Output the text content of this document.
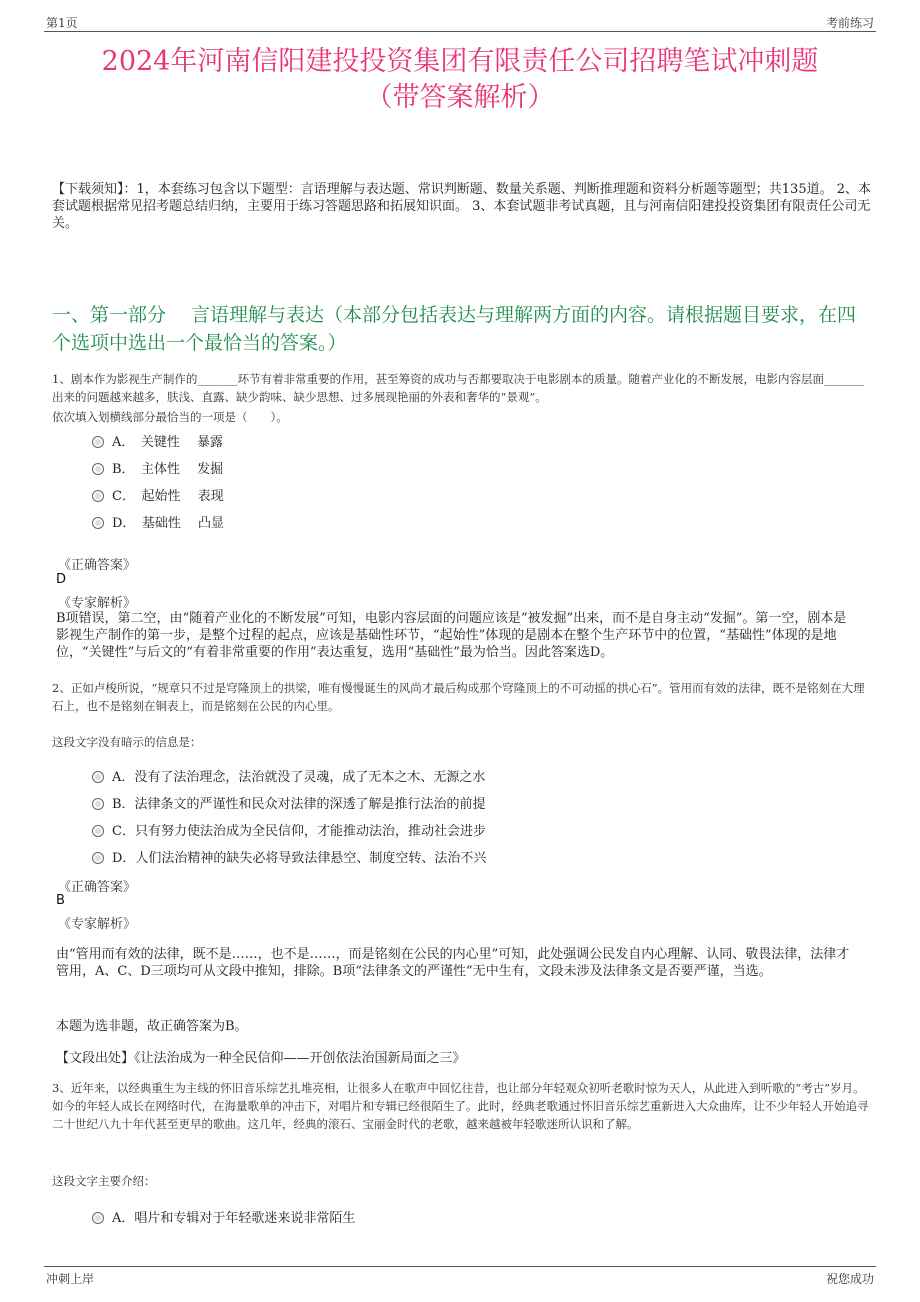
第1页	考前练习
2024年河南信阳建投投资集团有限责任公司招聘笔试冲刺题
（带答案解析）
【下载须知】：1，本套练习包含以下题型：言语理解与表达题、常识判断题、数量关系题、判断推理题和资料分析题等题型；共135道。 2、本套试题根据常见招考题总结归纳，主要用于练习答题思路和拓展知识面。 3、本套试题非考试真题，且与河南信阳建投投资集团有限责任公司无关。
一、第一部分　 言语理解与表达（本部分包括表达与理解两方面的内容。请根据题目要求，在四个选项中选出一个最恰当的答案。）
1、剧本作为影视生产制作的_______环节有着非常重要的作用，甚至筹资的成功与否都要取决于电影剧本的质量。随着产业化的不断发展，电影内容层面_______出来的问题越来越多，肤浅、直露、缺少韵味、缺少思想、过多展现艳丽的外表和奢华的“景观”。
依次填入划横线部分最恰当的一项是（　　）。
A．　关键性　 暴露
B．　主体性　 发掘
C．　起始性　 表现
D．　基础性　 凸显
《正确答案》
D
《专家解析》
B项错误，第二空，由“随着产业化的不断发展”可知，电影内容层面的问题应该是“被发掘”出来，而不是自身主动“发掘”。第一空，剧本是影视生产制作的第一步，是整个过程的起点，应该是基础性环节，“起始性”体现的是剧本在整个生产环节中的位置，“基础性”体现的是地位，“关键性”与后文的“有着非常重要的作用”表达重复，选用“基础性”最为恰当。因此答案选D。
2、正如卢梭所说，“规章只不过是穹隆顶上的拱梁，唯有慢慢诞生的风尚才最后构成那个穹隆顶上的不可动摇的拱心石”。管用而有效的法律，既不是铭刻在大理石上，也不是铭刻在铜表上，而是铭刻在公民的内心里。
这段文字没有暗示的信息是：
A．没有了法治理念，法治就没了灵魂，成了无本之木、无源之水
B．法律条文的严谨性和民众对法律的深透了解是推行法治的前提
C．只有努力使法治成为全民信仰，才能推动法治，推动社会进步
D．人们法治精神的缺失必将导致法律悬空、制度空转、法治不兴
《正确答案》
B
《专家解析》
由“管用而有效的法律，既不是……，也不是……，而是铭刻在公民的内心里”可知，此处强调公民发自内心理解、认同、敬畏法律，法律才管用，A、C、D三项均可从文段中推知，排除。B项“法律条文的严谨性”无中生有，文段未涉及法律条文是否要严谨，当选。
本题为选非题，故正确答案为B。
【文段出处】《让法治成为一种全民信仰——开创依法治国新局面之三》
3、近年来，以经典重生为主线的怀旧音乐综艺扎堆亮相，让很多人在歌声中回忆往昔，也让部分年轻观众初听老歌时惊为天人，从此进入到听歌的“考古”岁月。如今的年轻人成长在网络时代，在海量歌单的冲击下，对唱片和专辑已经很陌生了。此时，经典老歌通过怀旧音乐综艺重新进入大众曲库，让不少年轻人开始追寻二十世纪八九十年代甚至更早的歌曲。这几年，经典的滚石、宝丽金时代的老歌，越来越被年轻歌迷所认识和了解。
这段文字主要介绍：
A．唱片和专辑对于年轻歌迷来说非常陌生
冲刺上岸	祝您成功
